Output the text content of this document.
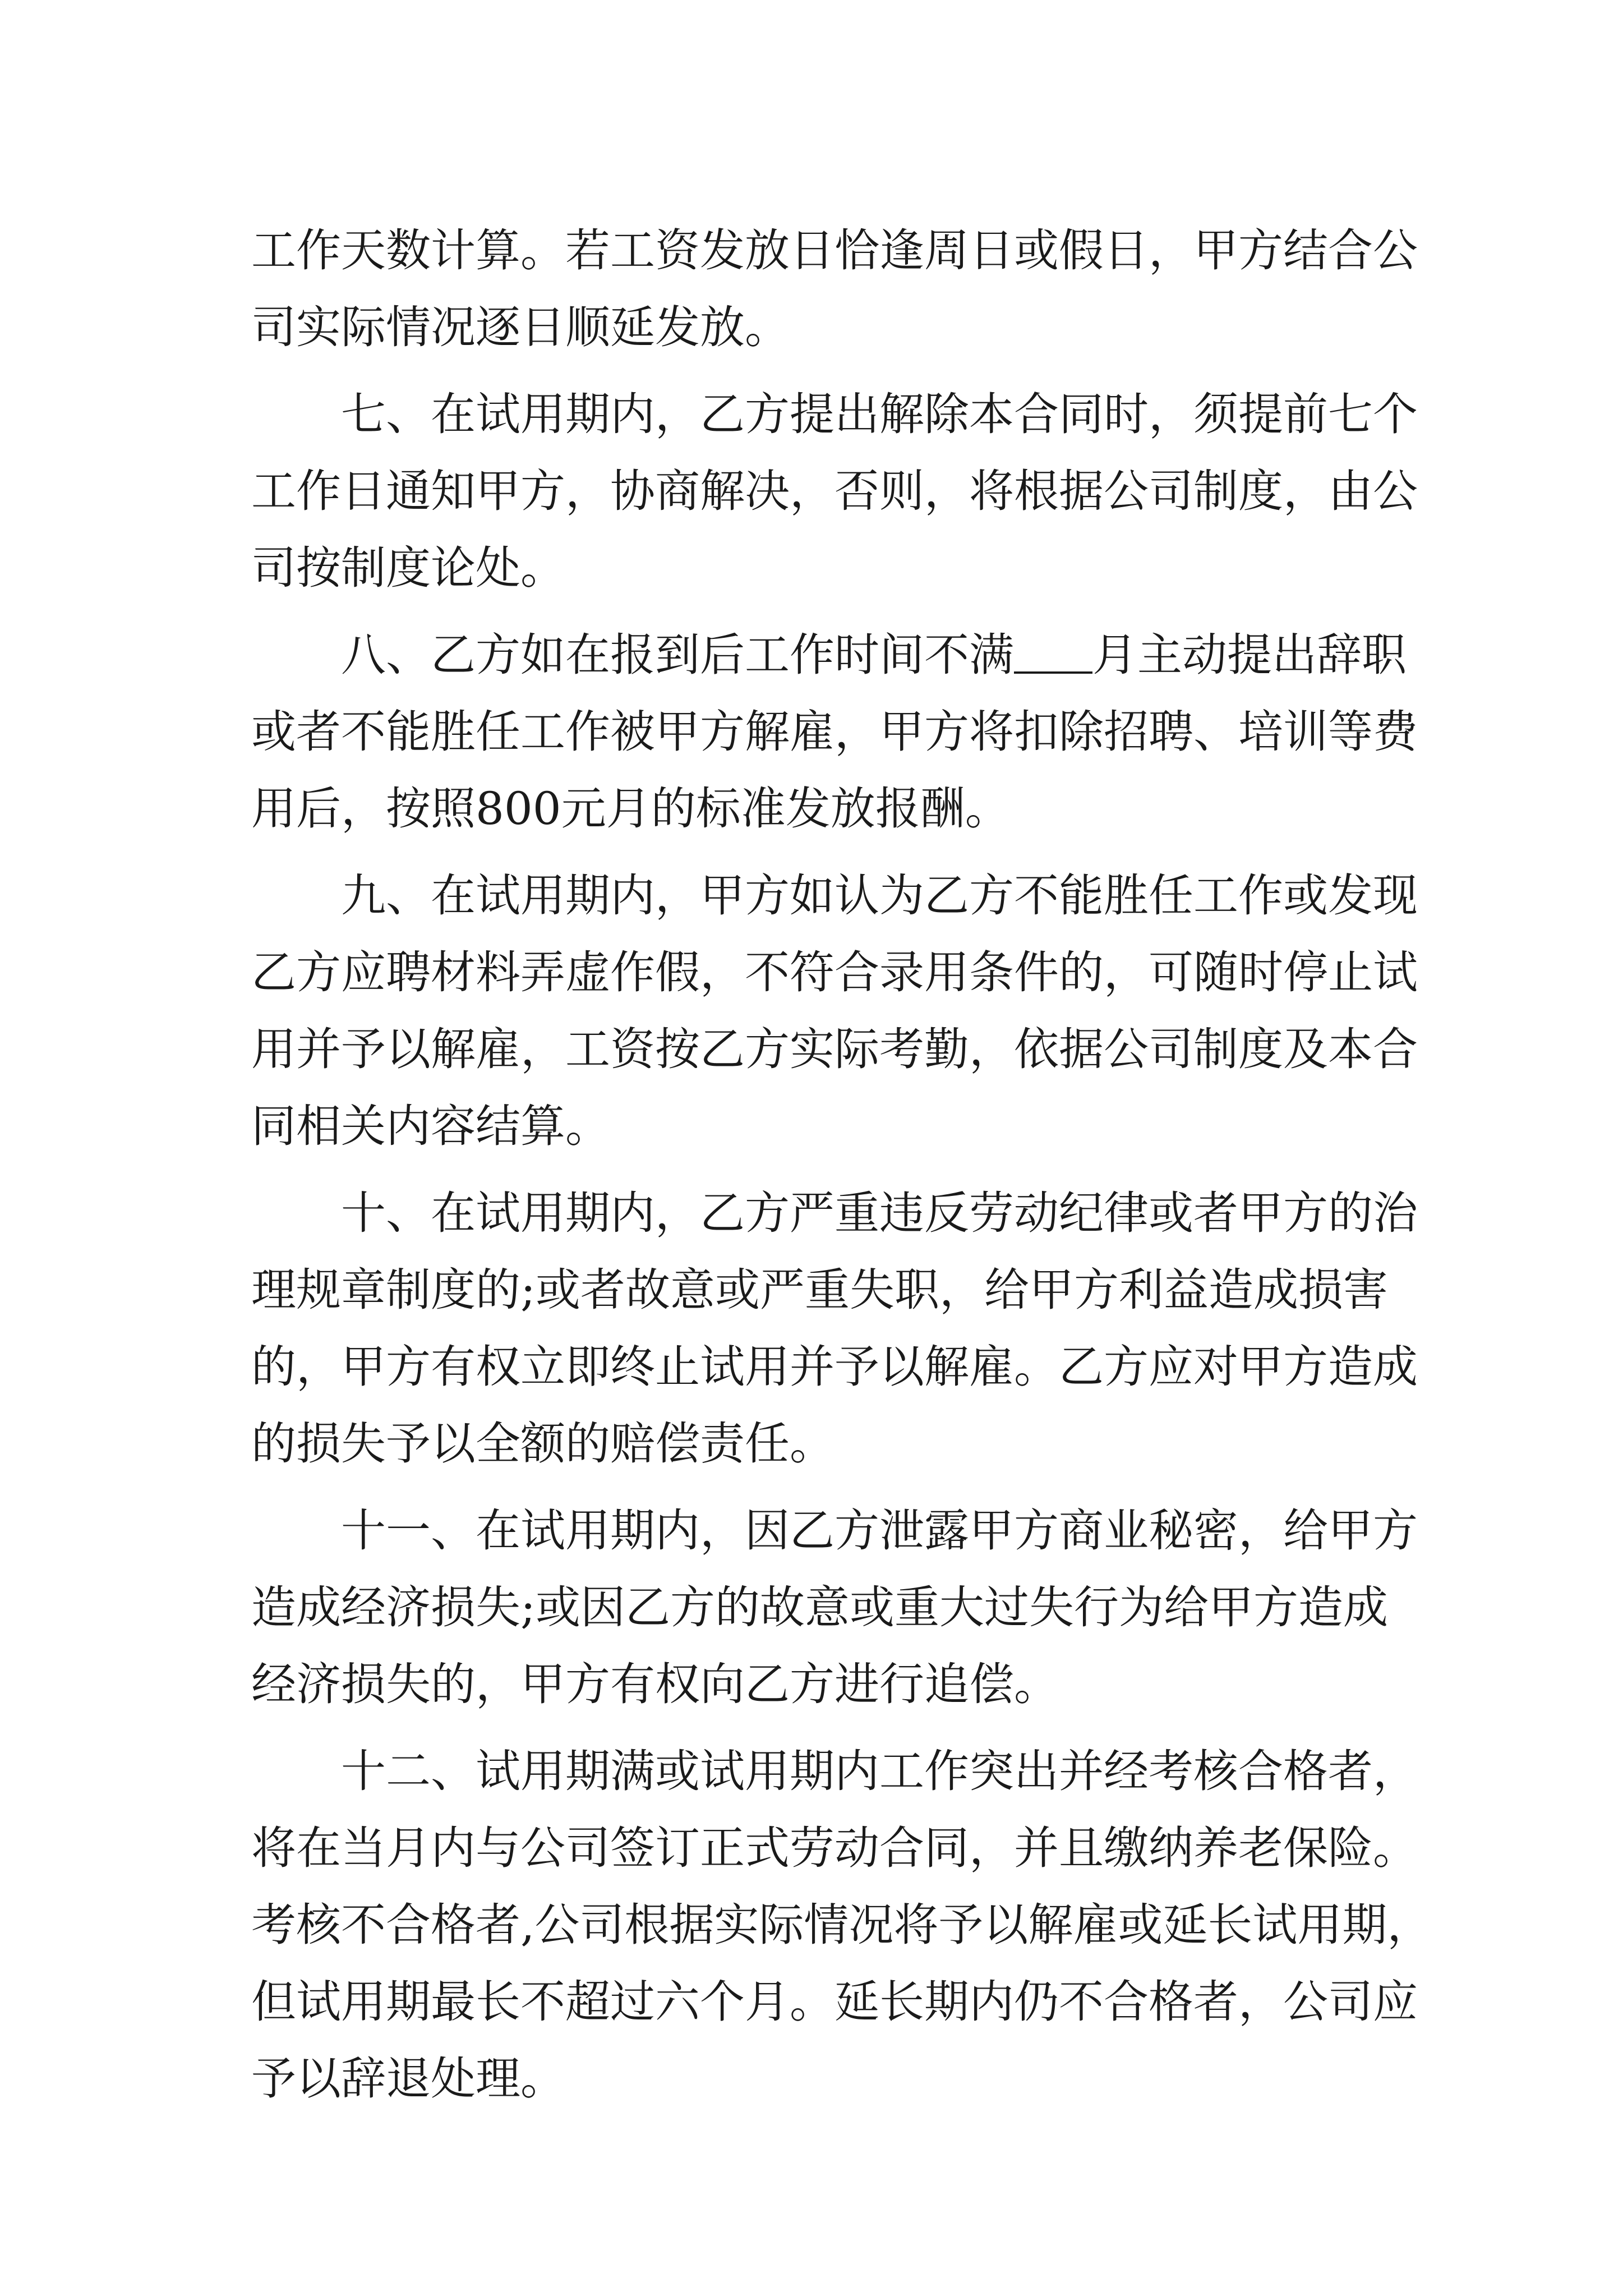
工作天数计算。若工资发放日恰逢周日或假日，甲方结合公
司实际情况逐日顺延发放。
七、在试用期内，乙方提出解除本合同时，须提前七个
工作日通知甲方，协商解决，否则，将根据公司制度，由公
司按制度论处。
八、乙方如在报到后工作时间不满 月主动提出辞职
或者不能胜任工作被甲方解雇，甲方将扣除招聘、培训等费
用后，按照800元月的标准发放报酬。
九、在试用期内，甲方如认为乙方不能胜任工作或发现
乙方应聘材料弄虚作假，不符合录用条件的，可随时停止试
用并予以解雇，工资按乙方实际考勤，依据公司制度及本合
同相关内容结算。
十、在试用期内，乙方严重违反劳动纪律或者甲方的治
理规章制度的;或者故意或严重失职，给甲方利益造成损害
的，甲方有权立即终止试用并予以解雇。乙方应对甲方造成
的损失予以全额的赔偿责任。
十一、在试用期内，因乙方泄露甲方商业秘密，给甲方
造成经济损失;或因乙方的故意或重大过失行为给甲方造成
经济损失的，甲方有权向乙方进行追偿。
十二、试用期满或试用期内工作突出并经考核合格者，
将在当月内与公司签订正式劳动合同，并且缴纳养老保险。
考核不合格者,公司根据实际情况将予以解雇或延长试用期，
但试用期最长不超过六个月。延长期内仍不合格者，公司应
予以辞退处理。
